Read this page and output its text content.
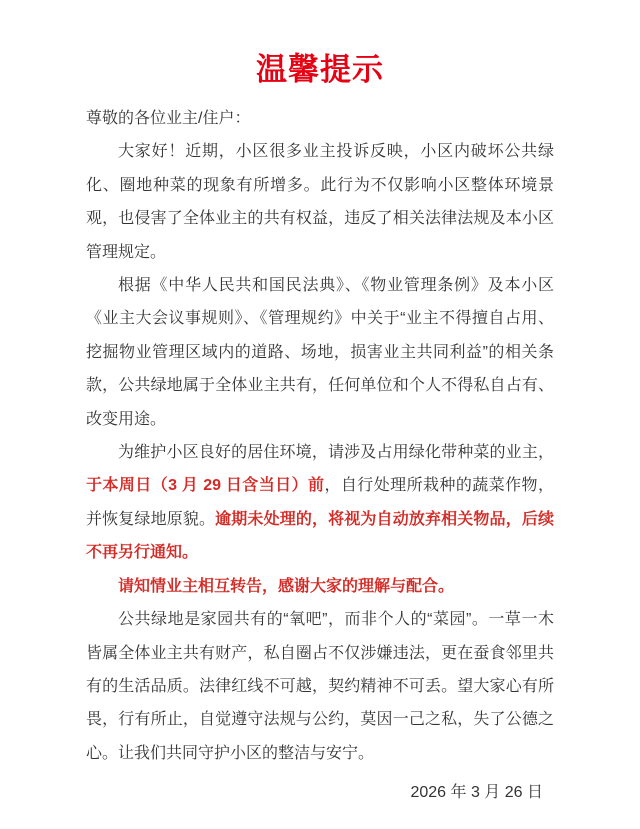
温馨提示

尊敬的各位业主/住户：

大家好！近期，小区很多业主投诉反映，小区内破坏公共绿化、圈地种菜的现象有所增多。此行为不仅影响小区整体环境景观，也侵害了全体业主的共有权益，违反了相关法律法规及本小区管理规定。

根据《中华人民共和国民法典》、《物业管理条例》及本小区《业主大会议事规则》、《管理规约》中关于“业主不得擅自占用、挖掘物业管理区域内的道路、场地，损害业主共同利益”的相关条款，公共绿地属于全体业主共有，任何单位和个人不得私自占有、改变用途。

为维护小区良好的居住环境，请涉及占用绿化带种菜的业主，于本周日（3 月 29 日含当日）前，自行处理所栽种的蔬菜作物，并恢复绿地原貌。逾期未处理的，将视为自动放弃相关物品，后续不再另行通知。

请知情业主相互转告，感谢大家的理解与配合。

公共绿地是家园共有的“氧吧”，而非个人的“菜园”。一草一木皆属全体业主共有财产，私自圈占不仅涉嫌违法，更在蚕食邻里共有的生活品质。法律红线不可越，契约精神不可丢。望大家心有所畏，行有所止，自觉遵守法规与公约，莫因一己之私，失了公德之心。让我们共同守护小区的整洁与安宁。

2026 年 3 月 26 日
